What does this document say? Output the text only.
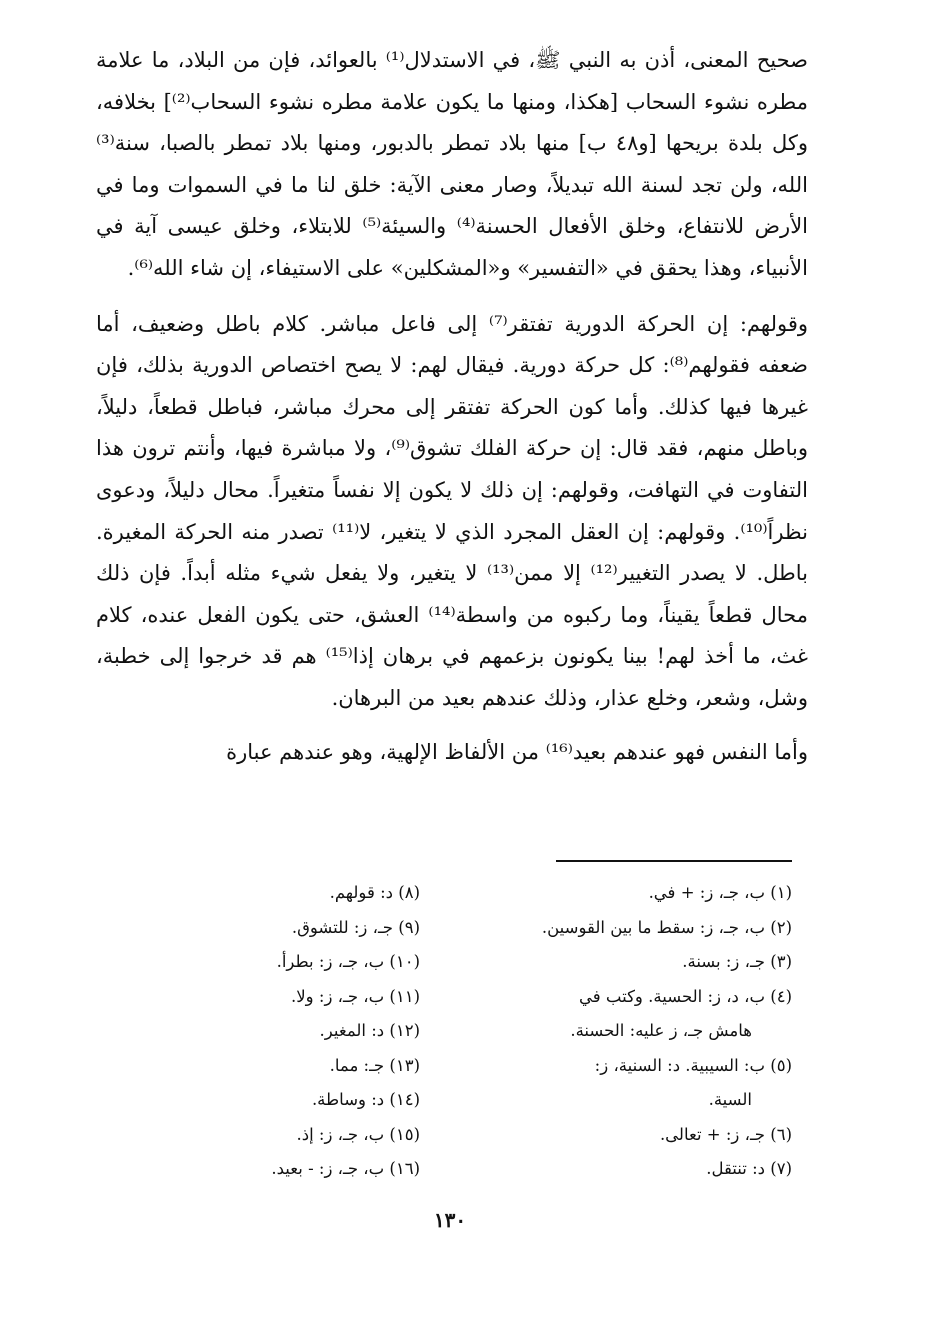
صحيح المعنى، أذن به النبي ﷺ، في الاستدلال⁽¹⁾ بالعوائد، فإن من البلاد، ما علامة مطره نشوء السحاب [هكذا، ومنها ما يكون علامة مطره نشوء السحاب⁽²⁾] بخلافه، وكل بلدة بريحها [و٤٨ ب] منها بلاد تمطر بالدبور، ومنها بلاد تمطر بالصبا، سنة⁽³⁾ الله، ولن تجد لسنة الله تبديلاً، وصار معنى الآية: خلق لنا ما في السموات وما في الأرض للانتفاع، وخلق الأفعال الحسنة⁽⁴⁾ والسيئة⁽⁵⁾ للابتلاء، وخلق عيسى آية في الأنبياء، وهذا يحقق في «التفسير» و«المشكلين» على الاستيفاء، إن شاء الله⁽⁶⁾.

وقولهم: إن الحركة الدورية تفتقر⁽⁷⁾ إلى فاعل مباشر. كلام باطل وضعيف، أما ضعفه فقولهم⁽⁸⁾: كل حركة دورية. فيقال لهم: لا يصح اختصاص الدورية بذلك، فإن غيرها فيها كذلك. وأما كون الحركة تفتقر إلى محرك مباشر، فباطل قطعاً، دليلاً، وباطل منهم، فقد قال: إن حركة الفلك تشوق⁽⁹⁾، ولا مباشرة فيها، وأنتم ترون هذا التفاوت في التهافت، وقولهم: إن ذلك لا يكون إلا نفساً متغيراً. محال دليلاً، ودعوى نظراً⁽¹⁰⁾. وقولهم: إن العقل المجرد الذي لا يتغير، لا⁽¹¹⁾ تصدر منه الحركة المغيرة. باطل. لا يصدر التغيير⁽¹²⁾ إلا ممن⁽¹³⁾ لا يتغير، ولا يفعل شيء مثله أبداً. فإن ذلك محال قطعاً يقيناً، وما ركبوه من واسطة⁽¹⁴⁾ العشق، حتى يكون الفعل عنده، كلام غث، ما أخذ لهم! بينا يكونون بزعمهم في برهان إذا⁽¹⁵⁾ هم قد خرجوا إلى خطبة، وشل، وشعر، وخلع عذار، وذلك عندهم بعيد من البرهان.

وأما النفس فهو عندهم بعيد⁽¹⁶⁾ من الألفاظ الإلهية، وهو عندهم عبارة

(١) ب، جـ، ز: + في.
(٢) ب، جـ، ز: سقط ما بين القوسين.
(٣) جـ، ز: بسنة.
(٤) ب، د، ز: الحسية. وكتب في
هامش جـ، ز عليه: الحسنة.
(٥) ب: السيبية. د: السنية، ز:
السية.
(٦) جـ، ز: + تعالى.
(٧) د: تنتقل.
(٨) د: قولهم.
(٩) جـ، ز: للتشوق.
(١٠) ب، جـ، ز: بطرأ.
(١١) ب، جـ، ز: ولا.
(١٢) د: المغير.
(١٣) جـ: مما.
(١٤) د: وساطة.
(١٥) ب، جـ، ز: إذ.
(١٦) ب، جـ، ز: - بعيد.
١٣٠
